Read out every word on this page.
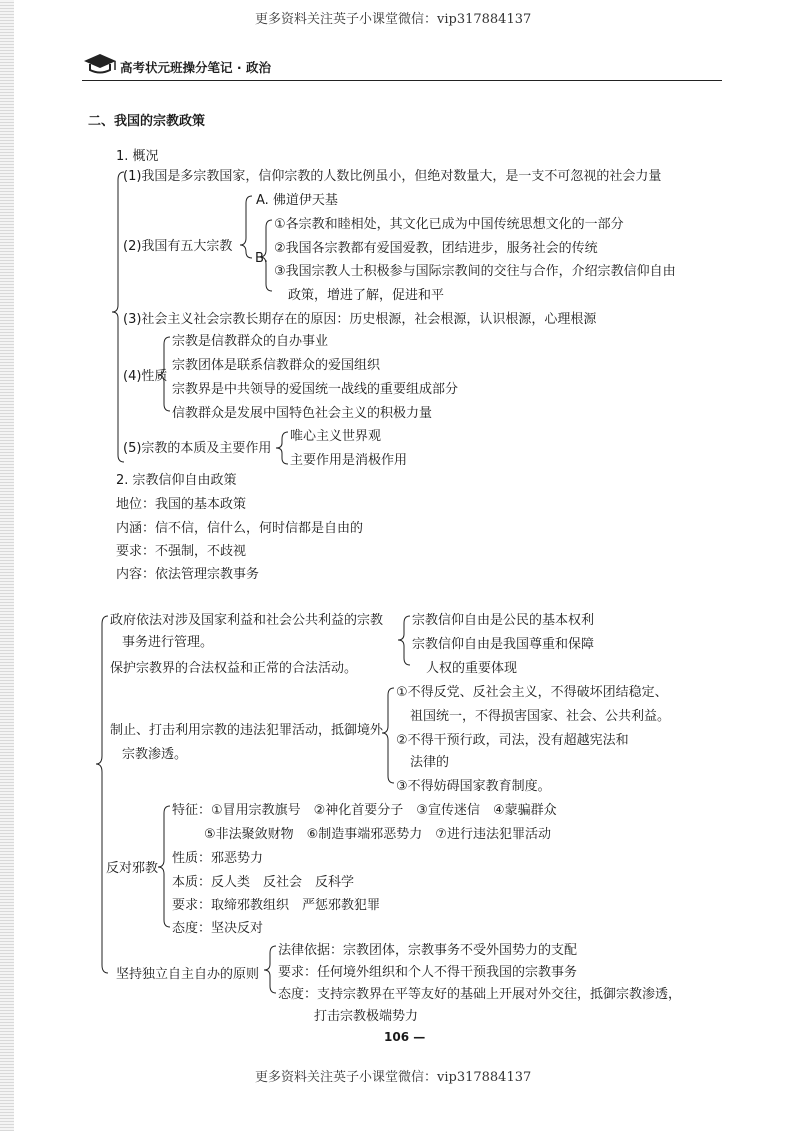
更多资料关注英子小课堂微信：vip317884137
高考状元班操分笔记 · 政治
二、我国的宗教政策
1. 概况
(1)我国是多宗教国家，信仰宗教的人数比例虽小，但绝对数量大，是一支不可忽视的社会力量
A. 佛道伊天基
(2)我国有五大宗教
B.
①各宗教和睦相处，其文化已成为中国传统思想文化的一部分
②我国各宗教都有爱国爱教，团结进步，服务社会的传统
③我国宗教人士积极参与国际宗教间的交往与合作，介绍宗教信仰自由
政策，增进了解，促进和平
(3)社会主义社会宗教长期存在的原因：历史根源，社会根源，认识根源，心理根源
(4)性质
宗教是信教群众的自办事业
宗教团体是联系信教群众的爱国组织
宗教界是中共领导的爱国统一战线的重要组成部分
信教群众是发展中国特色社会主义的积极力量
(5)宗教的本质及主要作用
唯心主义世界观
主要作用是消极作用
2. 宗教信仰自由政策
地位：我国的基本政策
内涵：信不信，信什么，何时信都是自由的
要求：不强制，不歧视
内容：依法管理宗教事务
政府依法对涉及国家利益和社会公共利益的宗教
事务进行管理。
宗教信仰自由是公民的基本权利
宗教信仰自由是我国尊重和保障
人权的重要体现
保护宗教界的合法权益和正常的合法活动。
制止、打击利用宗教的违法犯罪活动，抵御境外
宗教渗透。
①不得反党、反社会主义，不得破坏团结稳定、
祖国统一，不得损害国家、社会、公共利益。
②不得干预行政，司法，没有超越宪法和
法律的
③不得妨碍国家教育制度。
反对邪教
特征：①冒用宗教旗号　②神化首要分子　③宣传迷信　④蒙骗群众
⑤非法聚敛财物　⑥制造事端邪恶势力　⑦进行违法犯罪活动
性质：邪恶势力
本质：反人类　反社会　反科学
要求：取缔邪教组织　严惩邪教犯罪
态度：坚决反对
坚持独立自主自办的原则
法律依据：宗教团体，宗教事务不受外国势力的支配
要求：任何境外组织和个人不得干预我国的宗教事务
态度：支持宗教界在平等友好的基础上开展对外交往，抵御宗教渗透，
打击宗教极端势力
106 —
更多资料关注英子小课堂微信：vip317884137
